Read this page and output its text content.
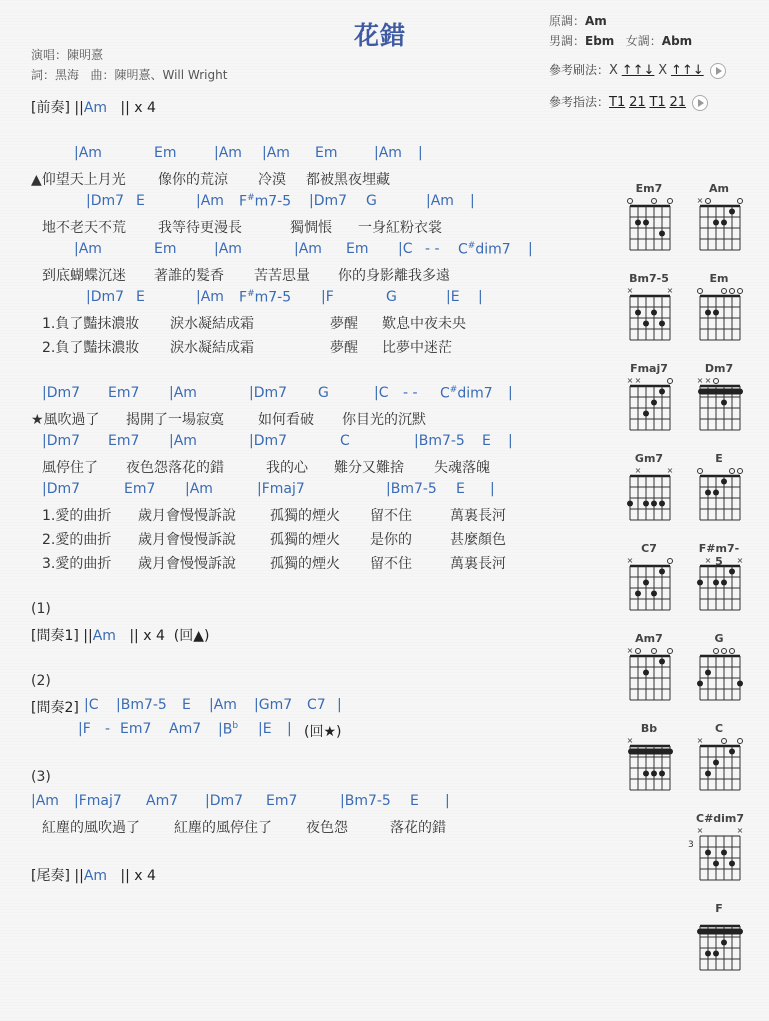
花錯
演唱：陳明憙
詞：黑海 曲：陳明憙、Will Wright
原調：Am
男調：Ebm 女調：Abm
參考刷法：X ↑↑↓ X ↑↑↓
參考指法：T1 21 T1 21
[前奏] ||Am || x 4
|Am	Em	|Am |Am Em	|Am |
▲仰望天上月光 像你的荒涼 冷漠 都被黑夜埋藏
|Dm7 E	|Am F#m7-5 |Dm7 G	|Am |
地不老天不荒 我等待更漫長	獨惆悵 一身紅粉衣裳
|Am	Em	|Am	|Am Em |C - - C#dim7 |
到底蝴蝶沉迷 著誰的髮香 苦苦思量 你的身影離我多遠
|Dm7 E	|Am F#m7-5 |F	G	|E |
1.負了豔抹濃妝 淚水凝結成霜	夢醒 歎息中夜未央
2.負了豔抹濃妝 淚水凝結成霜	夢醒 比夢中迷茫
|Dm7 Em7 |Am	|Dm7 G	|C - - C#dim7 |
★風吹過了 揭開了一場寂寞 如何看破 你目光的沉默
|Dm7 Em7 |Am	|Dm7	C	|Bm7-5 E |
風停住了 夜色怨落花的錯	我的心 難分又難捨 失魂落魄
|Dm7	Em7 |Am	|Fmaj7	|Bm7-5 E |
1.愛的曲折 歲月會慢慢訴說 孤獨的煙火 留不住	萬裏長河
2.愛的曲折 歲月會慢慢訴說 孤獨的煙火 是你的	甚麼顏色
3.愛的曲折 歲月會慢慢訴說 孤獨的煙火 留不住	萬裏長河
(1)
[間奏1] ||Am || x 4 (回▲)
(2)
[間奏2] |C |Bm7-5 E |Am |Gm7 C7 |
|F - Em7 Am7 $|B^b$ |E | (回★)
(3)
|Am |Fmaj7 Am7 |Dm7 Em7	|Bm7-5 E |
紅塵的風吹過了 紅塵的風停住了 夜色怨	落花的錯
[尾奏] ||Am || x 4
Em7	Am
×
Bm7-5
×	×
Em
Fmaj7
× ×
Dm7
× ×
Gm7
×	×
E
C7
×
F#m7-5
×	×
Am7
×
G
Bb
×
C
×
C#dim7
×	×
3
F
